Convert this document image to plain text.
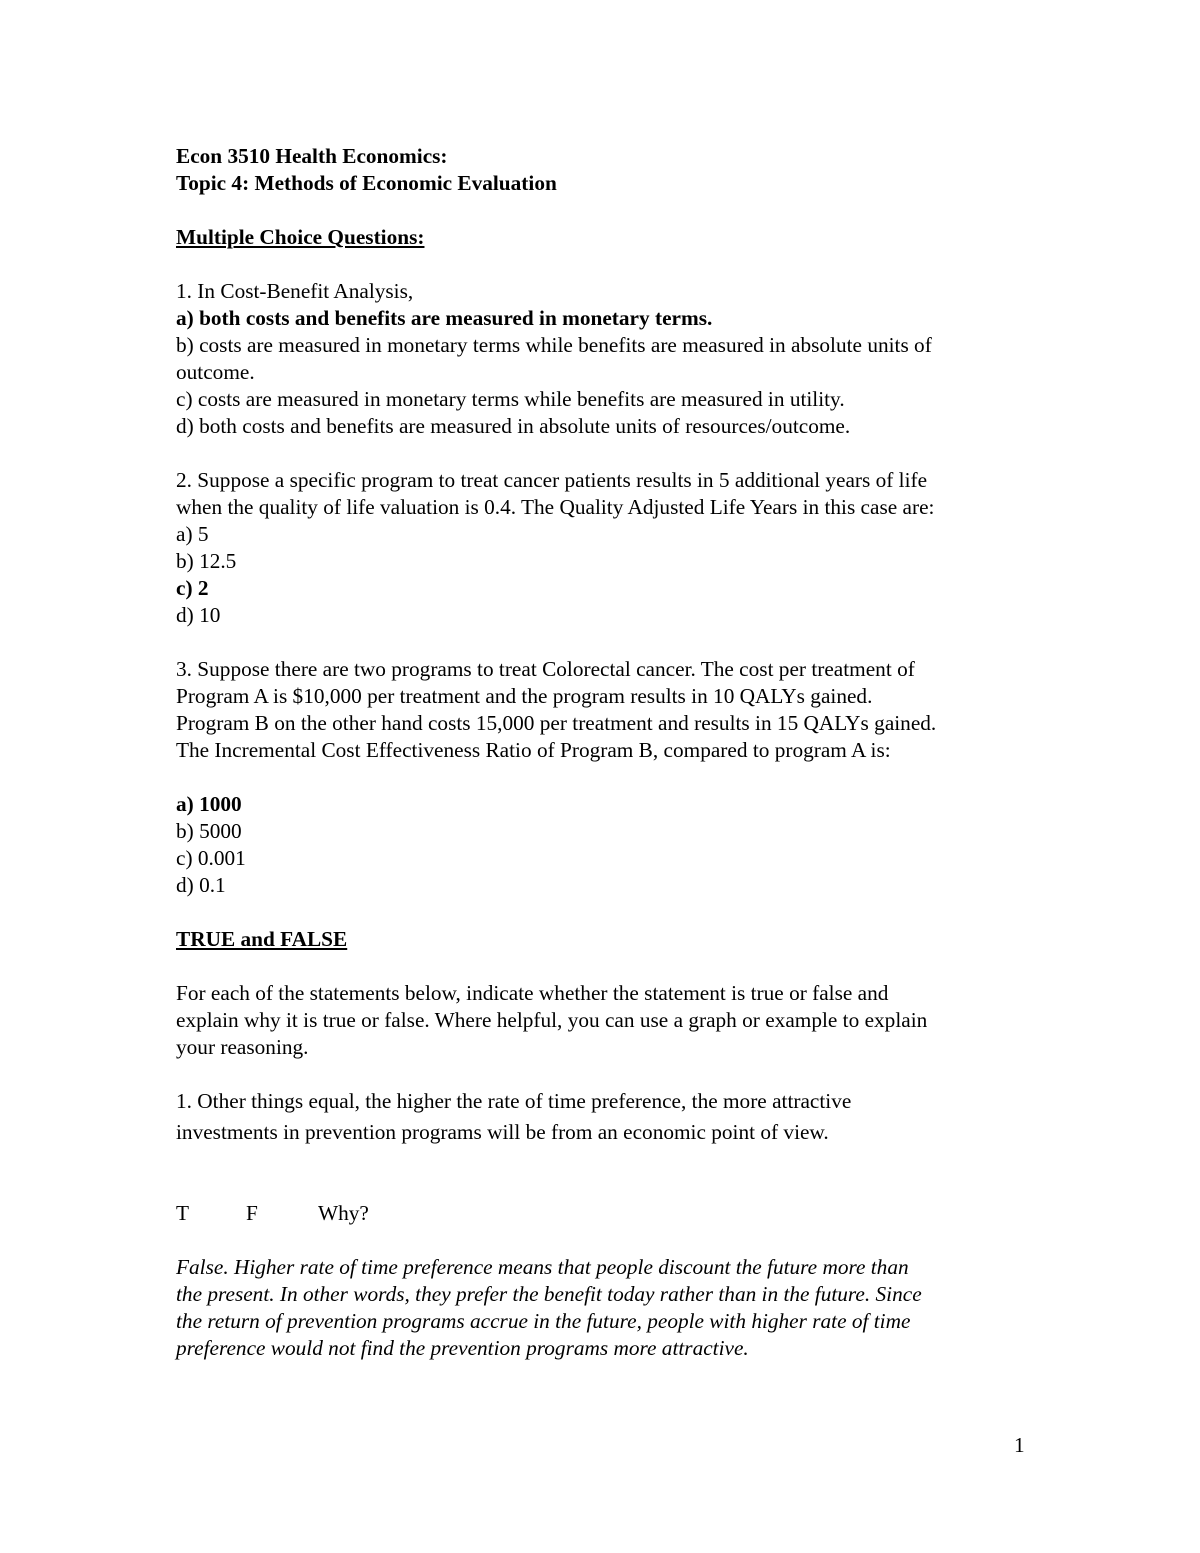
Econ 3510 Health Economics:
Topic 4: Methods of Economic Evaluation
Multiple Choice Questions:
1. In Cost-Benefit Analysis,
a) both costs and benefits are measured in monetary terms.
b) costs are measured in monetary terms while benefits are measured in absolute units of
outcome.
c) costs are measured in monetary terms while benefits are measured in utility.
d) both costs and benefits are measured in absolute units of resources/outcome.
2. Suppose a specific program to treat cancer patients results in 5 additional years of life
when the quality of life valuation is 0.4. The Quality Adjusted Life Years in this case are:
a) 5
b) 12.5
c) 2
d) 10
3. Suppose there are two programs to treat Colorectal cancer. The cost per treatment of
Program A is $10,000 per treatment and the program results in 10 QALYs gained.
Program B on the other hand costs 15,000 per treatment and results in 15 QALYs gained.
The Incremental Cost Effectiveness Ratio of Program B, compared to program A is:
a) 1000
b) 5000
c) 0.001
d) 0.1
TRUE and FALSE
For each of the statements below, indicate whether the statement is true or false and
explain why it is true or false. Where helpful, you can use a graph or example to explain
your reasoning.
1. Other things equal, the higher the rate of time preference, the more attractive
investments in prevention programs will be from an economic point of view.
T	F	Why?
False. Higher rate of time preference means that people discount the future more than
the present. In other words, they prefer the benefit today rather than in the future. Since
the return of prevention programs accrue in the future, people with higher rate of time
preference would not find the prevention programs more attractive.
1
